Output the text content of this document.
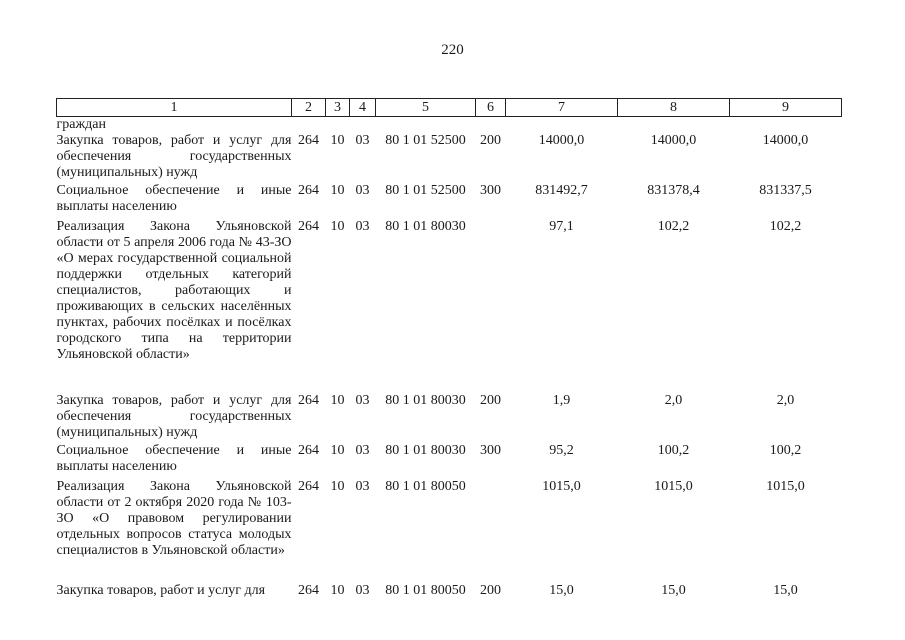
220
1	2	3	4	5	6	7	8	9
граждан								
Закупка товаров, работ и услуг для обеспечения государственных (муниципальных) нужд	264	10	03	80 1 01 52500	200	14000,0	14000,0	14000,0
Социальное обеспечение и иные выплаты населению	264	10	03	80 1 01 52500	300	831492,7	831378,4	831337,5
Реализация Закона Ульяновской области от 5 апреля 2006 года № 43-ЗО «О мерах государственной социальной поддержки отдельных категорий специалистов, работающих и проживающих в сельских населённых пунктах, рабочих посёлках и посёлках городского типа на территории Ульяновской области»	264	10	03	80 1 01 80030		97,1	102,2	102,2
Закупка товаров, работ и услуг для обеспечения государственных (муниципальных) нужд	264	10	03	80 1 01 80030	200	1,9	2,0	2,0
Социальное обеспечение и иные выплаты населению	264	10	03	80 1 01 80030	300	95,2	100,2	100,2
Реализация Закона Ульяновской области от 2 октября 2020 года № 103-ЗО «О правовом регулировании отдельных вопросов статуса молодых специалистов в Ульяновской области»	264	10	03	80 1 01 80050		1015,0	1015,0	1015,0
Закупка товаров, работ и услуг для	264	10	03	80 1 01 80050	200	15,0	15,0	15,0
